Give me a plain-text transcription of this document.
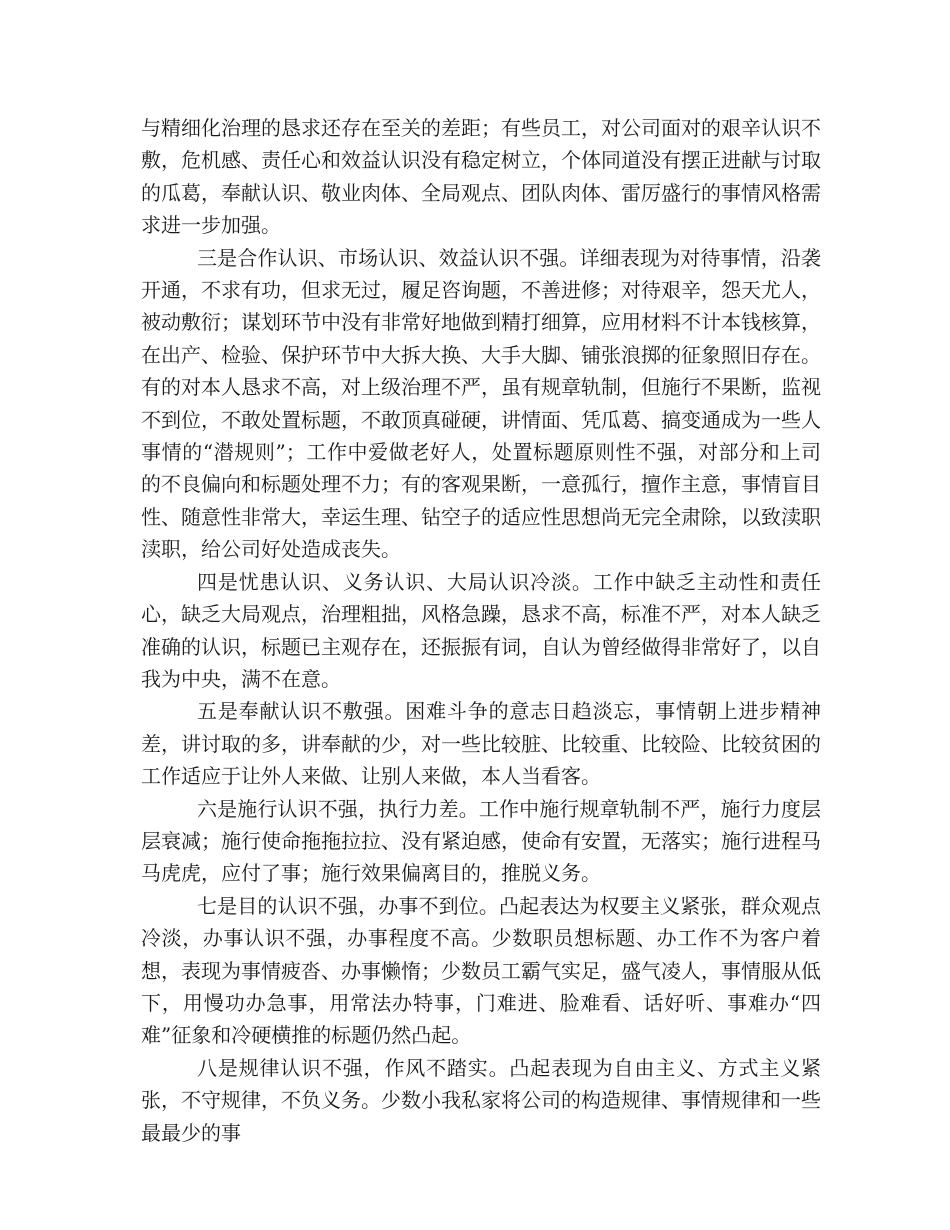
与精细化治理的恳求还存在至关的差距；有些员工，对公司面对的艰辛认识不敷，危机感、责任心和效益认识没有稳定树立，个体同道没有摆正进献与讨取的瓜葛，奉献认识、敬业肉体、全局观点、团队肉体、雷厉盛行的事情风格需求进一步加强。

三是合作认识、市场认识、效益认识不强。详细表现为对待事情，沿袭开通，不求有功，但求无过，履足咨询题，不善进修；对待艰辛，怨天尤人，被动敷衍；谋划环节中没有非常好地做到精打细算，应用材料不计本钱核算，在出产、检验、保护环节中大拆大换、大手大脚、铺张浪掷的征象照旧存在。有的对本人恳求不高，对上级治理不严，虽有规章轨制，但施行不果断，监视不到位，不敢处置标题，不敢顶真碰硬，讲情面、凭瓜葛、搞变通成为一些人事情的“潜规则”；工作中爱做老好人，处置标题原则性不强，对部分和上司的不良偏向和标题处理不力；有的客观果断，一意孤行，擅作主意，事情盲目性、随意性非常大，幸运生理、钻空子的适应性思想尚无完全肃除，以致渎职渎职，给公司好处造成丧失。

四是忧患认识、义务认识、大局认识冷淡。工作中缺乏主动性和责任心，缺乏大局观点，治理粗拙，风格急躁，恳求不高，标准不严，对本人缺乏准确的认识，标题已主观存在，还振振有词，自认为曾经做得非常好了，以自我为中央，满不在意。

五是奉献认识不敷强。困难斗争的意志日趋淡忘，事情朝上进步精神差，讲讨取的多，讲奉献的少，对一些比较脏、比较重、比较险、比较贫困的工作适应于让外人来做、让别人来做，本人当看客。

六是施行认识不强，执行力差。工作中施行规章轨制不严，施行力度层层衰减；施行使命拖拖拉拉、没有紧迫感，使命有安置，无落实；施行进程马马虎虎，应付了事；施行效果偏离目的，推脱义务。

七是目的认识不强，办事不到位。凸起表达为权要主义紧张，群众观点冷淡，办事认识不强，办事程度不高。少数职员想标题、办工作不为客户着想，表现为事情疲沓、办事懒惰；少数员工霸气实足，盛气凌人，事情服从低下，用慢功办急事，用常法办特事，门难进、脸难看、话好听、事难办“四难”征象和冷硬横推的标题仍然凸起。

八是规律认识不强，作风不踏实。凸起表现为自由主义、方式主义紧张，不守规律，不负义务。少数小我私家将公司的构造规律、事情规律和一些最最少的事
